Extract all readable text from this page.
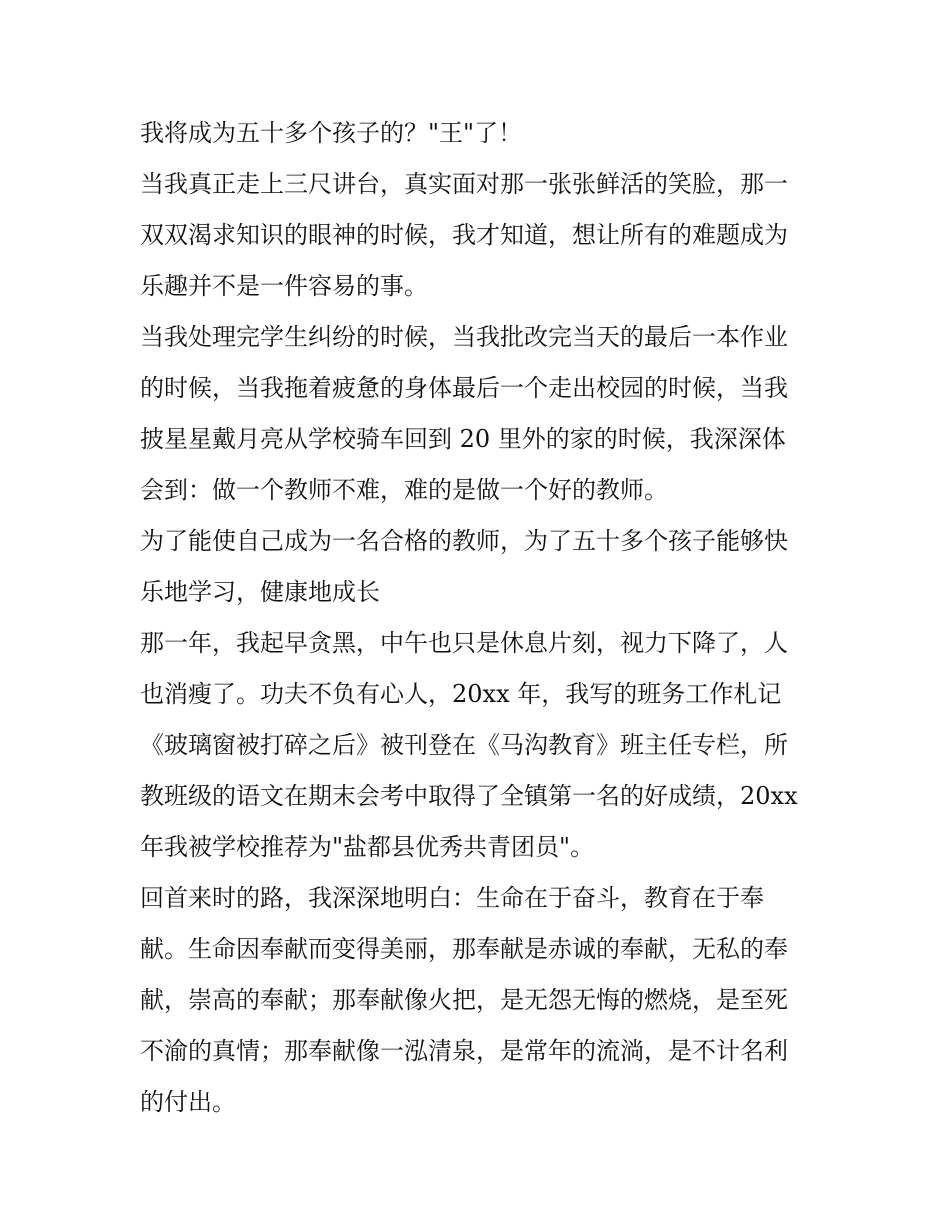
我将成为五十多个孩子的？"王"了！
当我真正走上三尺讲台，真实面对那一张张鲜活的笑脸，那一
双双渴求知识的眼神的时候，我才知道，想让所有的难题成为
乐趣并不是一件容易的事。
当我处理完学生纠纷的时候，当我批改完当天的最后一本作业
的时候，当我拖着疲惫的身体最后一个走出校园的时候，当我
披星星戴月亮从学校骑车回到 20 里外的家的时候，我深深体
会到：做一个教师不难，难的是做一个好的教师。
为了能使自己成为一名合格的教师，为了五十多个孩子能够快
乐地学习，健康地成长
那一年，我起早贪黑，中午也只是休息片刻，视力下降了，人
也消瘦了。功夫不负有心人，20xx 年，我写的班务工作札记
《玻璃窗被打碎之后》被刊登在《马沟教育》班主任专栏，所
教班级的语文在期末会考中取得了全镇第一名的好成绩，20xx
年我被学校推荐为"盐都县优秀共青团员"。
回首来时的路，我深深地明白：生命在于奋斗，教育在于奉
献。生命因奉献而变得美丽，那奉献是赤诚的奉献，无私的奉
献，崇高的奉献；那奉献像火把，是无怨无悔的燃烧，是至死
不渝的真情；那奉献像一泓清泉，是常年的流淌，是不计名利
的付出。
